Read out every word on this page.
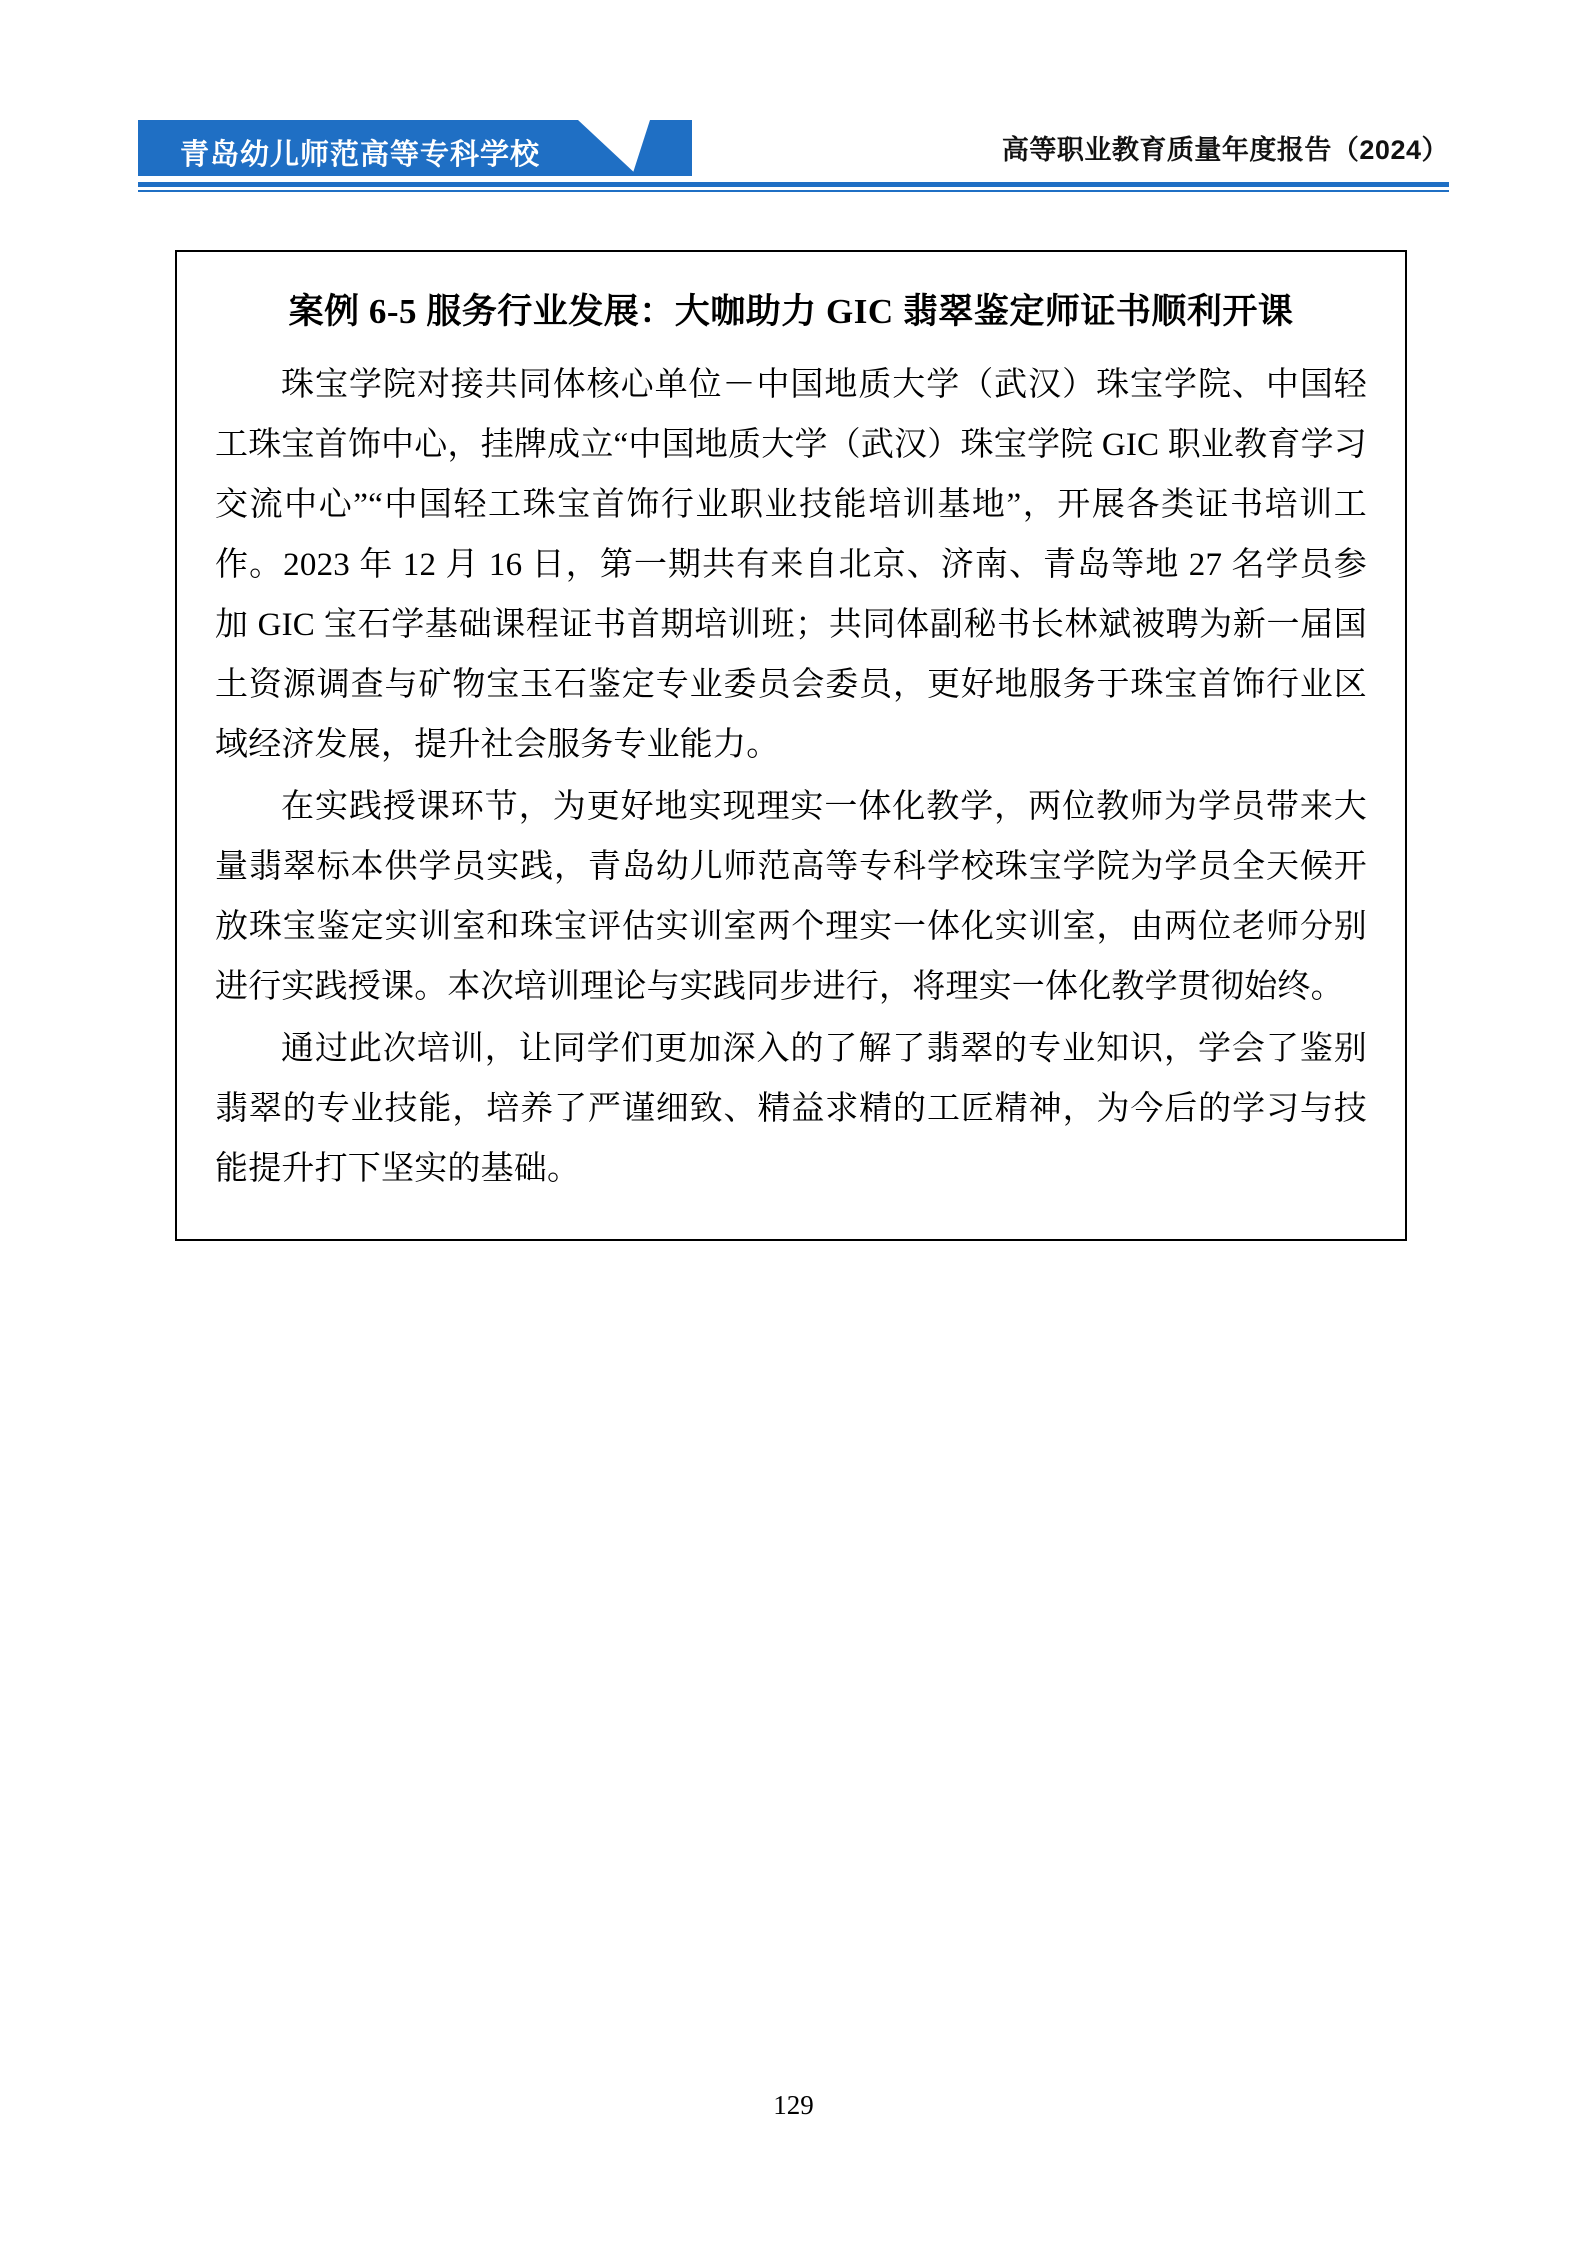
青岛幼儿师范高等专科学校	高等职业教育质量年度报告（2024）
案例 6-5 服务行业发展：大咖助力 GIC 翡翠鉴定师证书顺利开课

珠宝学院对接共同体核心单位－中国地质大学（武汉）珠宝学院、中国轻工珠宝首饰中心，挂牌成立“中国地质大学（武汉）珠宝学院 GIC 职业教育学习交流中心”“中国轻工珠宝首饰行业职业技能培训基地”，开展各类证书培训工作。2023 年 12 月 16 日，第一期共有来自北京、济南、青岛等地 27 名学员参加 GIC 宝石学基础课程证书首期培训班；共同体副秘书长林斌被聘为新一届国土资源调查与矿物宝玉石鉴定专业委员会委员，更好地服务于珠宝首饰行业区域经济发展，提升社会服务专业能力。

在实践授课环节，为更好地实现理实一体化教学，两位教师为学员带来大量翡翠标本供学员实践，青岛幼儿师范高等专科学校珠宝学院为学员全天候开放珠宝鉴定实训室和珠宝评估实训室两个理实一体化实训室，由两位老师分别进行实践授课。本次培训理论与实践同步进行，将理实一体化教学贯彻始终。

通过此次培训，让同学们更加深入的了解了翡翠的专业知识，学会了鉴别翡翠的专业技能，培养了严谨细致、精益求精的工匠精神，为今后的学习与技能提升打下坚实的基础。

129
